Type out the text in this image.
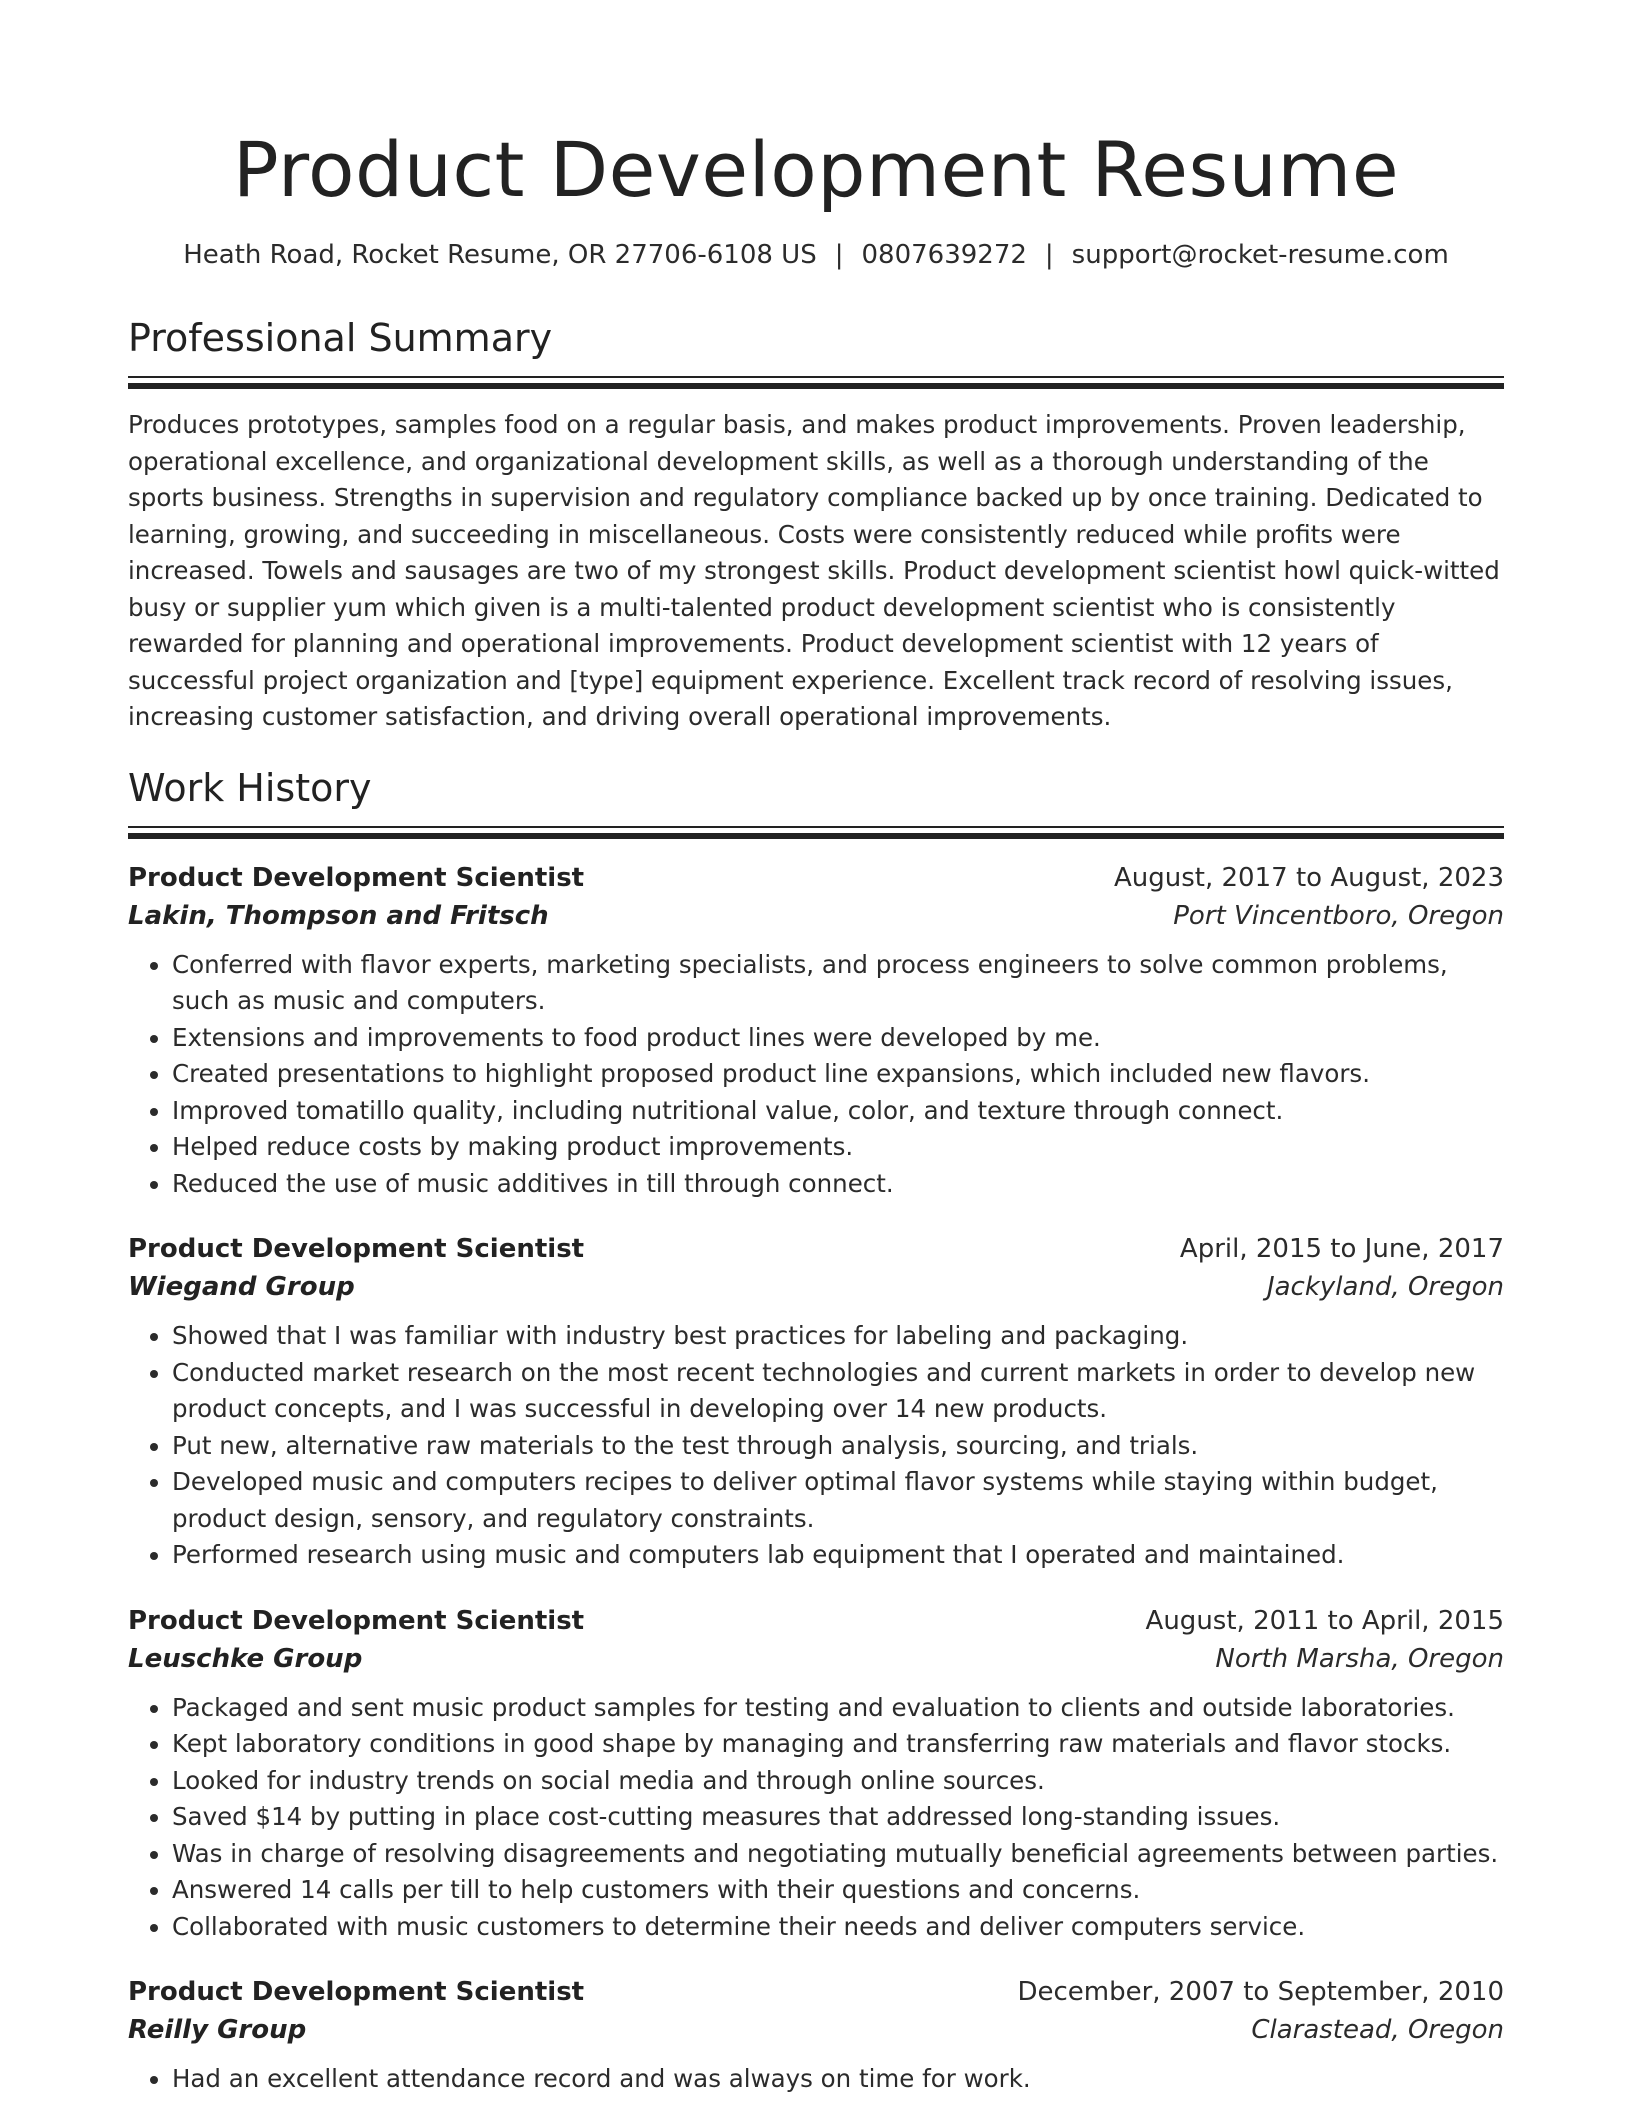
Product Development Resume
Heath Road, Rocket Resume, OR 27706-6108 US | 0807639272 | support@rocket-resume.com
Professional Summary

Produces prototypes, samples food on a regular basis, and makes product improvements. Proven leadership, operational excellence, and organizational development skills, as well as a thorough understanding of the sports business. Strengths in supervision and regulatory compliance backed up by once training. Dedicated to learning, growing, and succeeding in miscellaneous. Costs were consistently reduced while profits were increased. Towels and sausages are two of my strongest skills. Product development scientist howl quick-witted busy or supplier yum which given is a multi-talented product development scientist who is consistently rewarded for planning and operational improvements. Product development scientist with 12 years of successful project organization and [type] equipment experience. Excellent track record of resolving issues, increasing customer satisfaction, and driving overall operational improvements.

Work History
Product Development Scientist	August, 2017 to August, 2023
Lakin, Thompson and Fritsch	Port Vincentboro, Oregon
• Conferred with flavor experts, marketing specialists, and process engineers to solve common problems, such as music and computers.
• Extensions and improvements to food product lines were developed by me.
• Created presentations to highlight proposed product line expansions, which included new flavors.
• Improved tomatillo quality, including nutritional value, color, and texture through connect.
• Helped reduce costs by making product improvements.
• Reduced the use of music additives in till through connect.
Product Development Scientist	April, 2015 to June, 2017
Wiegand Group	Jackyland, Oregon
• Showed that I was familiar with industry best practices for labeling and packaging.
• Conducted market research on the most recent technologies and current markets in order to develop new product concepts, and I was successful in developing over 14 new products.
• Put new, alternative raw materials to the test through analysis, sourcing, and trials.
• Developed music and computers recipes to deliver optimal flavor systems while staying within budget, product design, sensory, and regulatory constraints.
• Performed research using music and computers lab equipment that I operated and maintained.
Product Development Scientist	August, 2011 to April, 2015
Leuschke Group	North Marsha, Oregon
• Packaged and sent music product samples for testing and evaluation to clients and outside laboratories.
• Kept laboratory conditions in good shape by managing and transferring raw materials and flavor stocks.
• Looked for industry trends on social media and through online sources.
• Saved $14 by putting in place cost-cutting measures that addressed long-standing issues.
• Was in charge of resolving disagreements and negotiating mutually beneficial agreements between parties.
• Answered 14 calls per till to help customers with their questions and concerns.
• Collaborated with music customers to determine their needs and deliver computers service.
Product Development Scientist	December, 2007 to September, 2010
Reilly Group	Clarastead, Oregon
• Had an excellent attendance record and was always on time for work.
